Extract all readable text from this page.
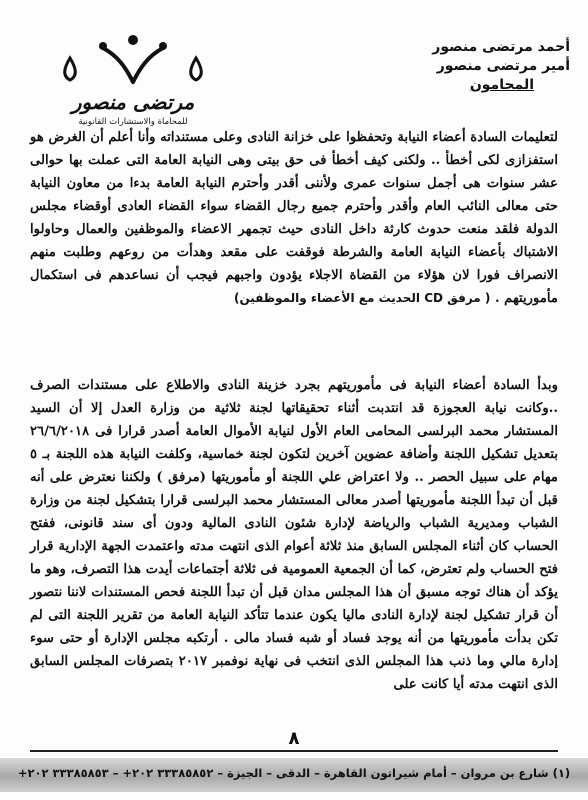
أحمد مرتضى منصور
أمير مرتضى منصور
المحامون
مرتضى منصور
للمحاماة والاستشارات القانونية

لتعليمات السادة أعضاء النيابة وتحفظوا على خزانة النادى وعلى مستنداته وأنا أعلم أن الغرض هو استفزازى لكى أخطأ .. ولكنى كيف أخطأ فى حق بيتى وهى النيابة العامة التى عملت بها حوالى عشر سنوات هى أجمل سنوات عمرى ولأننى أقدر وأحترم النيابة العامة بدءا من معاون النيابة حتى معالى النائب العام وأقدر وأحترم جميع رجال القضاء سواء القضاء العادى أوقضاء مجلس الدولة فلقد منعت حدوث كارثة داخل النادى حيث تجمهر الاعضاء والموظفين والعمال وحاولوا الاشتباك بأعضاء النيابة العامة والشرطة فوقفت على مقعد وهدأت من روعهم وطلبت منهم الانصراف فورا لان هؤلاء من القضاة الاجلاء يؤدون واجبهم فيجب أن نساعدهم فى استكمال مأموريتهم . ( مرفق CD الحديث مع الأعضاء والموظفين)

وبدأ السادة أعضاء النيابة فى مأموريتهم بجرد خزينة النادى والاطلاع على مستندات الصرف ..وكانت نيابة العجوزة قد انتدبت أثناء تحقيقاتها لجنة ثلاثية من وزارة العدل إلا أن السيد المستشار محمد البرلسى المحامى العام الأول لنيابة الأموال العامة أصدر قرارا فى ٢٦/٦/٢٠١٨ بتعديل تشكيل اللجنة وأضافة عضوين آخرين لتكون لجنة خماسية، وكلفت النيابة هذه اللجنة بـ ٥ مهام على سبيل الحصر .. ولا اعتراض علي اللجنة أو مأموريتها (مرفق ) ولكننا نعترض على أنه قبل أن تبدأ اللجنة مأموريتها أصدر معالى المستشار محمد البرلسى قرارا بتشكيل لجنة من وزارة الشباب ومديرية الشباب والرياضة لإدارة شئون النادى المالية ودون أى سند قانونى، ففتح الحساب كان أثناء المجلس السابق منذ ثلاثة أعوام الذى انتهت مدته واعتمدت الجهة الإدارية قرار فتح الحساب ولم تعترض، كما أن الجمعية العمومية فى ثلاثة أجتماعات أيدت هذا التصرف، وهو ما يؤكد أن هناك توجه مسبق أن هذا المجلس مدان قبل أن تبدأ اللجنة فحص المستندات لاننا نتصور أن قرار تشكيل لجنة لإدارة النادى ماليا يكون عندما تتأكد النيابة العامة من تقرير اللجنة التى لم تكن بدأت مأموريتها من أنه يوجد فساد أو شبه فساد مالى . أرتكبه مجلس الإدارة أو حتى سوء إدارة مالي وما ذنب هذا المجلس الذى انتخب فى نهاية نوفمبر ٢٠١٧ بتصرفات المجلس السابق الذى انتهت مدته أيا كانت على

٨
(١) شارع بن مروان – أمام شيراتون القاهرة – الدقى – الجيزة – ٣٣٣٨٥٨٥٢ ٢٠٢+ – ٣٣٣٨٥٨٥٣ ٢٠٢+
